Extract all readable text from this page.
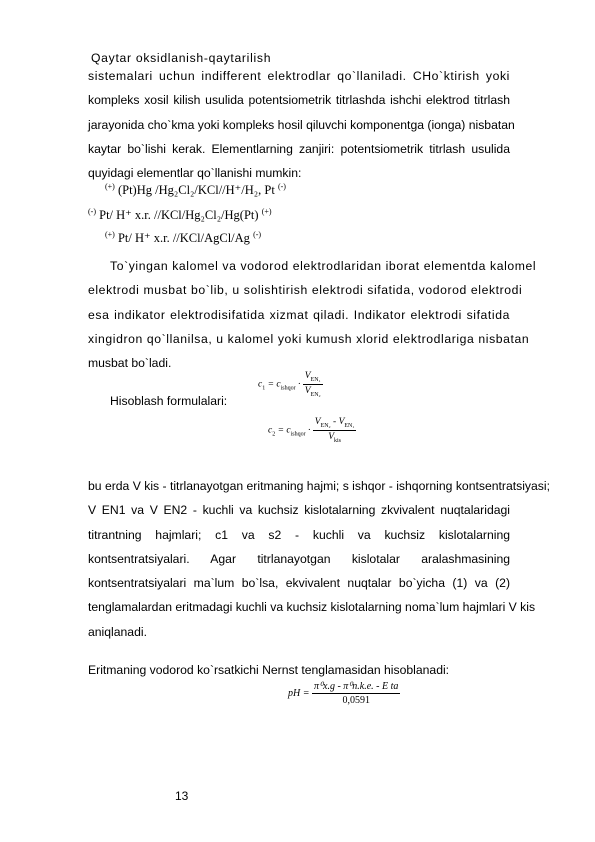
Qaytar oksidlanish-qaytarilish
sistemalari uchun indifferent elektrodlar qo`llaniladi. CHo`ktirish yoki
kompleks xosil kilish usulida potentsiometrik titrlashda ishchi elektrod titrlash
jarayonida cho`kma yoki kompleks hosil qiluvchi komponentga (ionga) nisbatan
kaytar bo`lishi kerak. Elementlarning zanjiri: potentsiometrik titrlash usulida
quyidagi elementlar qo`llanishi mumkin:
(+) (Pt)Hg /Hg₂Cl₂/KCl//H⁺/H₂, Pt (-)
(-) Pt/ H⁺ x.r. //KCl/Hg₂Cl₂/Hg(Pt) (+)
(+) Pt/ H⁺ x.r. //KCl/AgCl/Ag (-)
To`yingan kalomel va vodorod elektrodlaridan iborat elementda kalomel
elektrodi musbat bo`lib, u solishtirish elektrodi sifatida, vodorod elektrodi
esa indikator elektrodisifatida xizmat qiladi. Indikator elektrodi sifatida
xingidron qo`llanilsa, u kalomel yoki kumush xlorid elektrodlariga nisbatan
musbat bo`ladi.
Hisoblash formulalari:
$c_1 = c_{ishqor} \cdot \frac{V_{EN_1}}{V_{EN_2}}$
$c_2 = c_{ishqor} \cdot \frac{V_{EN_2} - V_{EN_1}}{V_{kis}}$
bu erda V kis - titrlanayotgan eritmaning hajmi; s ishqor - ishqorning kontsentratsiyasi;
V EN1 va V EN2 - kuchli va kuchsiz kislotalarning zkvivalent nuqtalaridagi
titrantning hajmlari; c1 va s2 - kuchli va kuchsiz kislotalarning
kontsentratsiyalari. Agar titrlanayotgan kislotalar aralashmasining
kontsentratsiyalari ma`lum bo`lsa, ekvivalent nuqtalar bo`yicha (1) va (2)
tenglamalardan eritmadagi kuchli va kuchsiz kislotalarning noma`lum hajmlari V kis
aniqlanadi.
Eritmaning vodorod ko`rsatkichi Nernst tenglamasidan hisoblanadi:
pH = $\frac{\text{π⁰x.g - π⁰n.k.e. - E ta}}{0,0591}$
13
